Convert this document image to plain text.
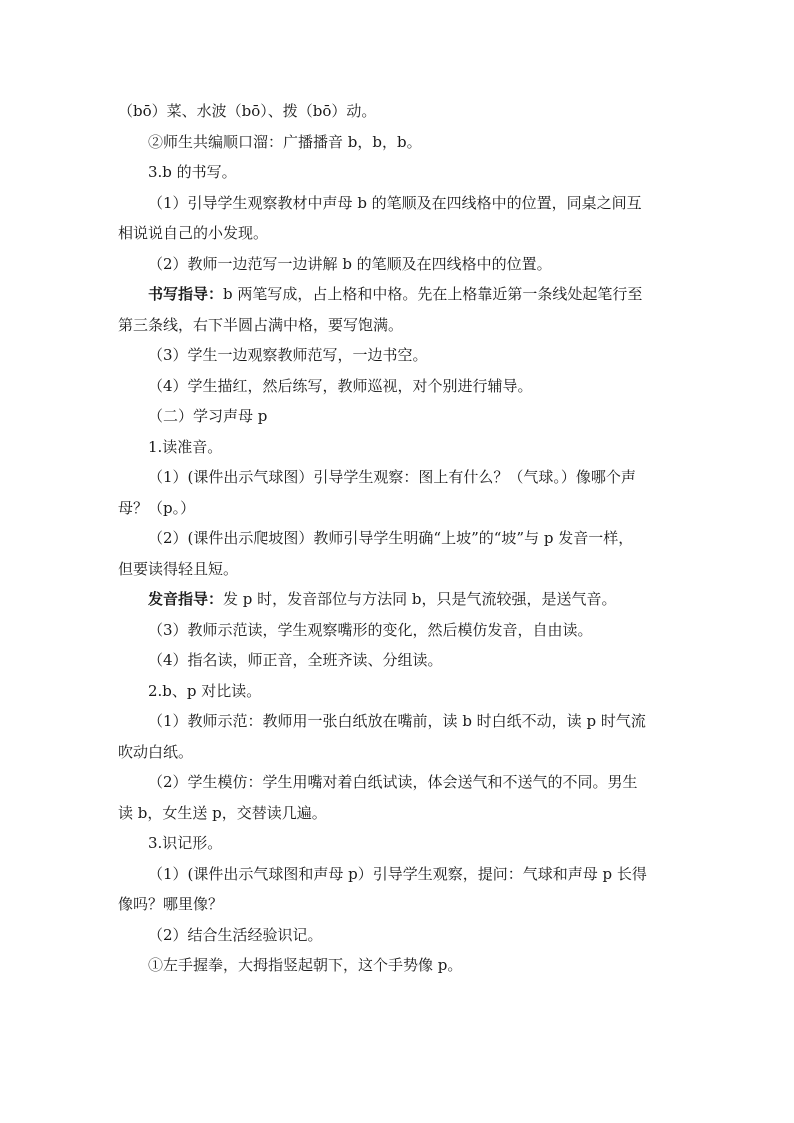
（bō）菜、水波（bō）、拨（bō）动。

②师生共编顺口溜：广播播音 b，b，b。

3.b 的书写。

（1）引导学生观察教材中声母 b 的笔顺及在四线格中的位置，同桌之间互

相说说自己的小发现。

（2）教师一边范写一边讲解 b 的笔顺及在四线格中的位置。

书写指导：b 两笔写成，占上格和中格。先在上格靠近第一条线处起笔行至

第三条线，右下半圆占满中格，要写饱满。

（3）学生一边观察教师范写，一边书空。

（4）学生描红，然后练写，教师巡视，对个别进行辅导。

（二）学习声母 p

1.读准音。

（1）(课件出示气球图）引导学生观察：图上有什么？（气球。）像哪个声

母？（p。）

（2）(课件出示爬坡图）教师引导学生明确“上坡”的“坡”与 p 发音一样，

但要读得轻且短。

发音指导：发 p 时，发音部位与方法同 b，只是气流较强，是送气音。

（3）教师示范读，学生观察嘴形的变化，然后模仿发音，自由读。

（4）指名读，师正音，全班齐读、分组读。

2.b、p 对比读。

（1）教师示范：教师用一张白纸放在嘴前，读 b 时白纸不动，读 p 时气流

吹动白纸。

（2）学生模仿：学生用嘴对着白纸试读，体会送气和不送气的不同。男生

读 b，女生送 p，交替读几遍。

3.识记形。

（1）(课件出示气球图和声母 p）引导学生观察，提问：气球和声母 p 长得

像吗？哪里像？

（2）结合生活经验识记。

①左手握拳，大拇指竖起朝下，这个手势像 p。
